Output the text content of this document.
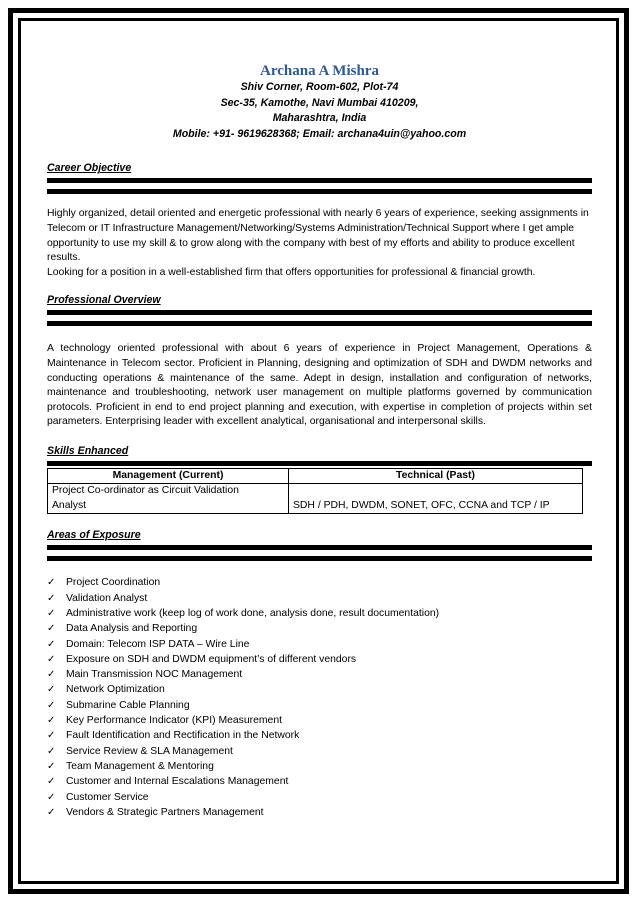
Archana A Mishra
Shiv Corner, Room-602, Plot-74
Sec-35, Kamothe, Navi Mumbai 410209,
Maharashtra, India
Mobile: +91- 9619628368; Email: archana4uin@yahoo.com
Career Objective
Highly organized, detail oriented and energetic professional with nearly 6 years of experience, seeking assignments in Telecom or IT Infrastructure Management/Networking/Systems Administration/Technical Support where I get ample opportunity to use my skill & to grow along with the company with best of my efforts and ability to produce excellent results.
Looking for a position in a well-established firm that offers opportunities for professional & financial growth.
Professional Overview
A technology oriented professional with about 6 years of experience in Project Management, Operations & Maintenance in Telecom sector. Proficient in Planning, designing and optimization of SDH and DWDM networks and conducting operations & maintenance of the same. Adept in design, installation and configuration of networks, maintenance and troubleshooting, network user management on multiple platforms governed by communication protocols. Proficient in end to end project planning and execution, with expertise in completion of projects within set parameters. Enterprising leader with excellent analytical, organisational and interpersonal skills.
Skills Enhanced
Management (Current)	Technical (Past)

Project Co-ordinator as Circuit Validation
Analyst	SDH / PDH, DWDM, SONET, OFC, CCNA and TCP / IP
Areas of Exposure
✓ Project Coordination
✓ Validation Analyst
✓ Administrative work (keep log of work done, analysis done, result documentation)
✓ Data Analysis and Reporting
✓ Domain: Telecom ISP DATA – Wire Line
✓ Exposure on SDH and DWDM equipment’s of different vendors
✓ Main Transmission NOC Management
✓ Network Optimization
✓ Submarine Cable Planning
✓ Key Performance Indicator (KPI) Measurement
✓ Fault Identification and Rectification in the Network
✓ Service Review & SLA Management
✓ Team Management & Mentoring
✓ Customer and Internal Escalations Management
✓ Customer Service
✓ Vendors & Strategic Partners Management
